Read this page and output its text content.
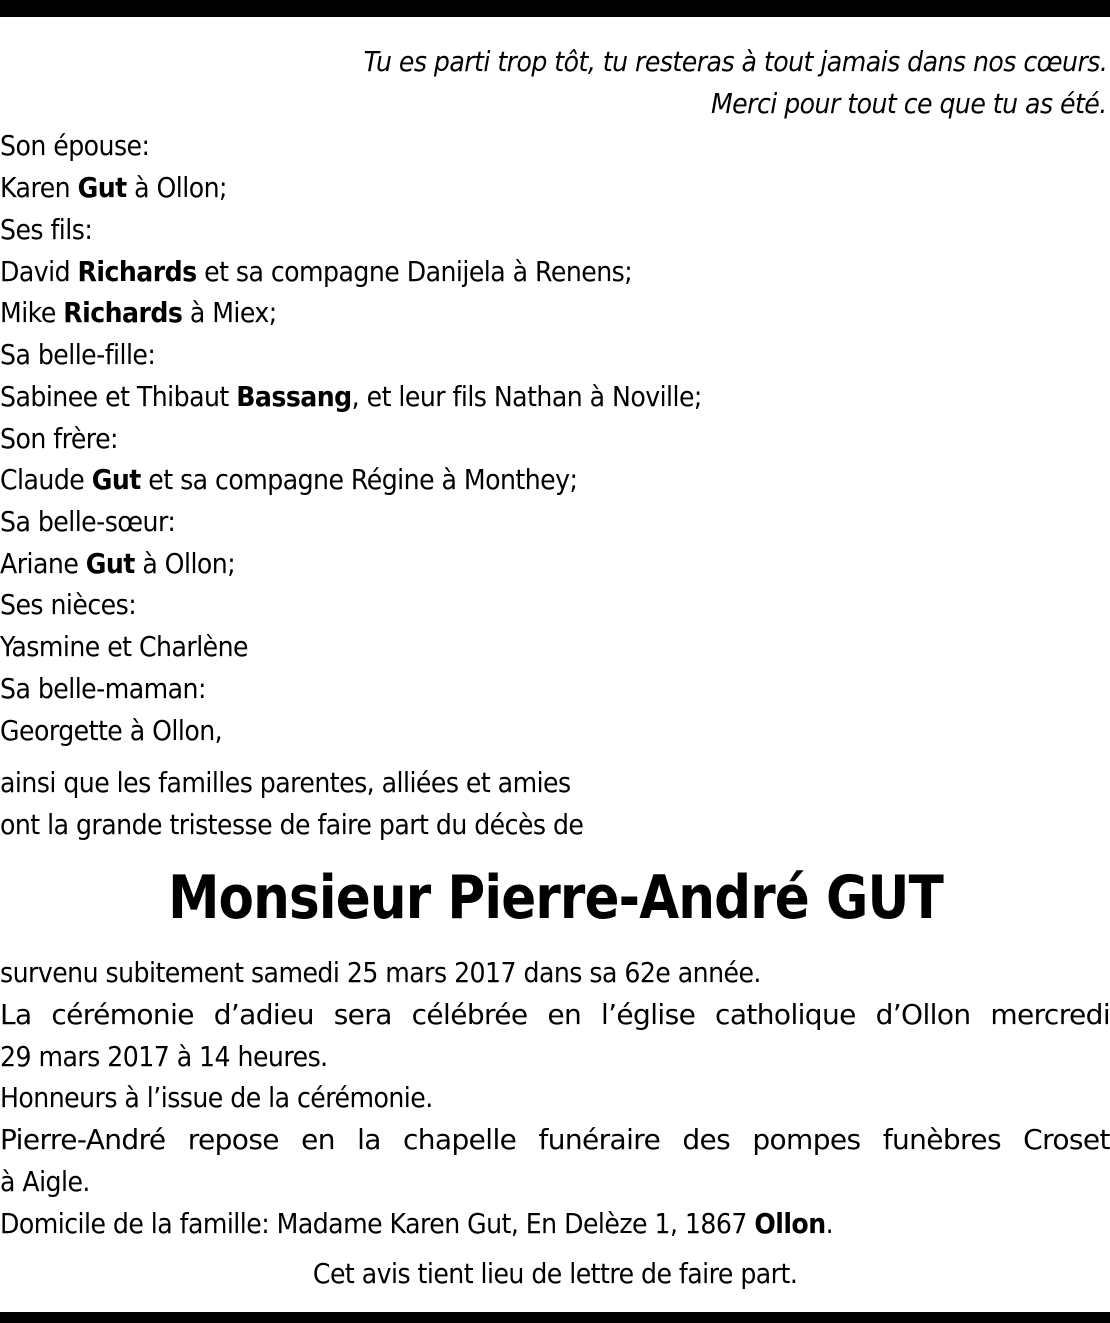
Tu es parti trop tôt, tu resteras à tout jamais dans nos cœurs.
Merci pour tout ce que tu as été.
Son épouse:
Karen Gut à Ollon;
Ses fils:
David Richards et sa compagne Danijela à Renens;
Mike Richards à Miex;
Sa belle-fille:
Sabinee et Thibaut Bassang, et leur fils Nathan à Noville;
Son frère:
Claude Gut et sa compagne Régine à Monthey;
Sa belle-sœur:
Ariane Gut à Ollon;
Ses nièces:
Yasmine et Charlène
Sa belle-maman:
Georgette à Ollon,
ainsi que les familles parentes, alliées et amies
ont la grande tristesse de faire part du décès de
Monsieur Pierre-André GUT
survenu subitement samedi 25 mars 2017 dans sa 62e année.
La cérémonie d’adieu sera célébrée en l’église catholique d’Ollon mercredi
29 mars 2017 à 14 heures.
Honneurs à l’issue de la cérémonie.
Pierre-André repose en la chapelle funéraire des pompes funèbres Croset
à Aigle.
Domicile de la famille: Madame Karen Gut, En Delèze 1, 1867 Ollon.
Cet avis tient lieu de lettre de faire part.
